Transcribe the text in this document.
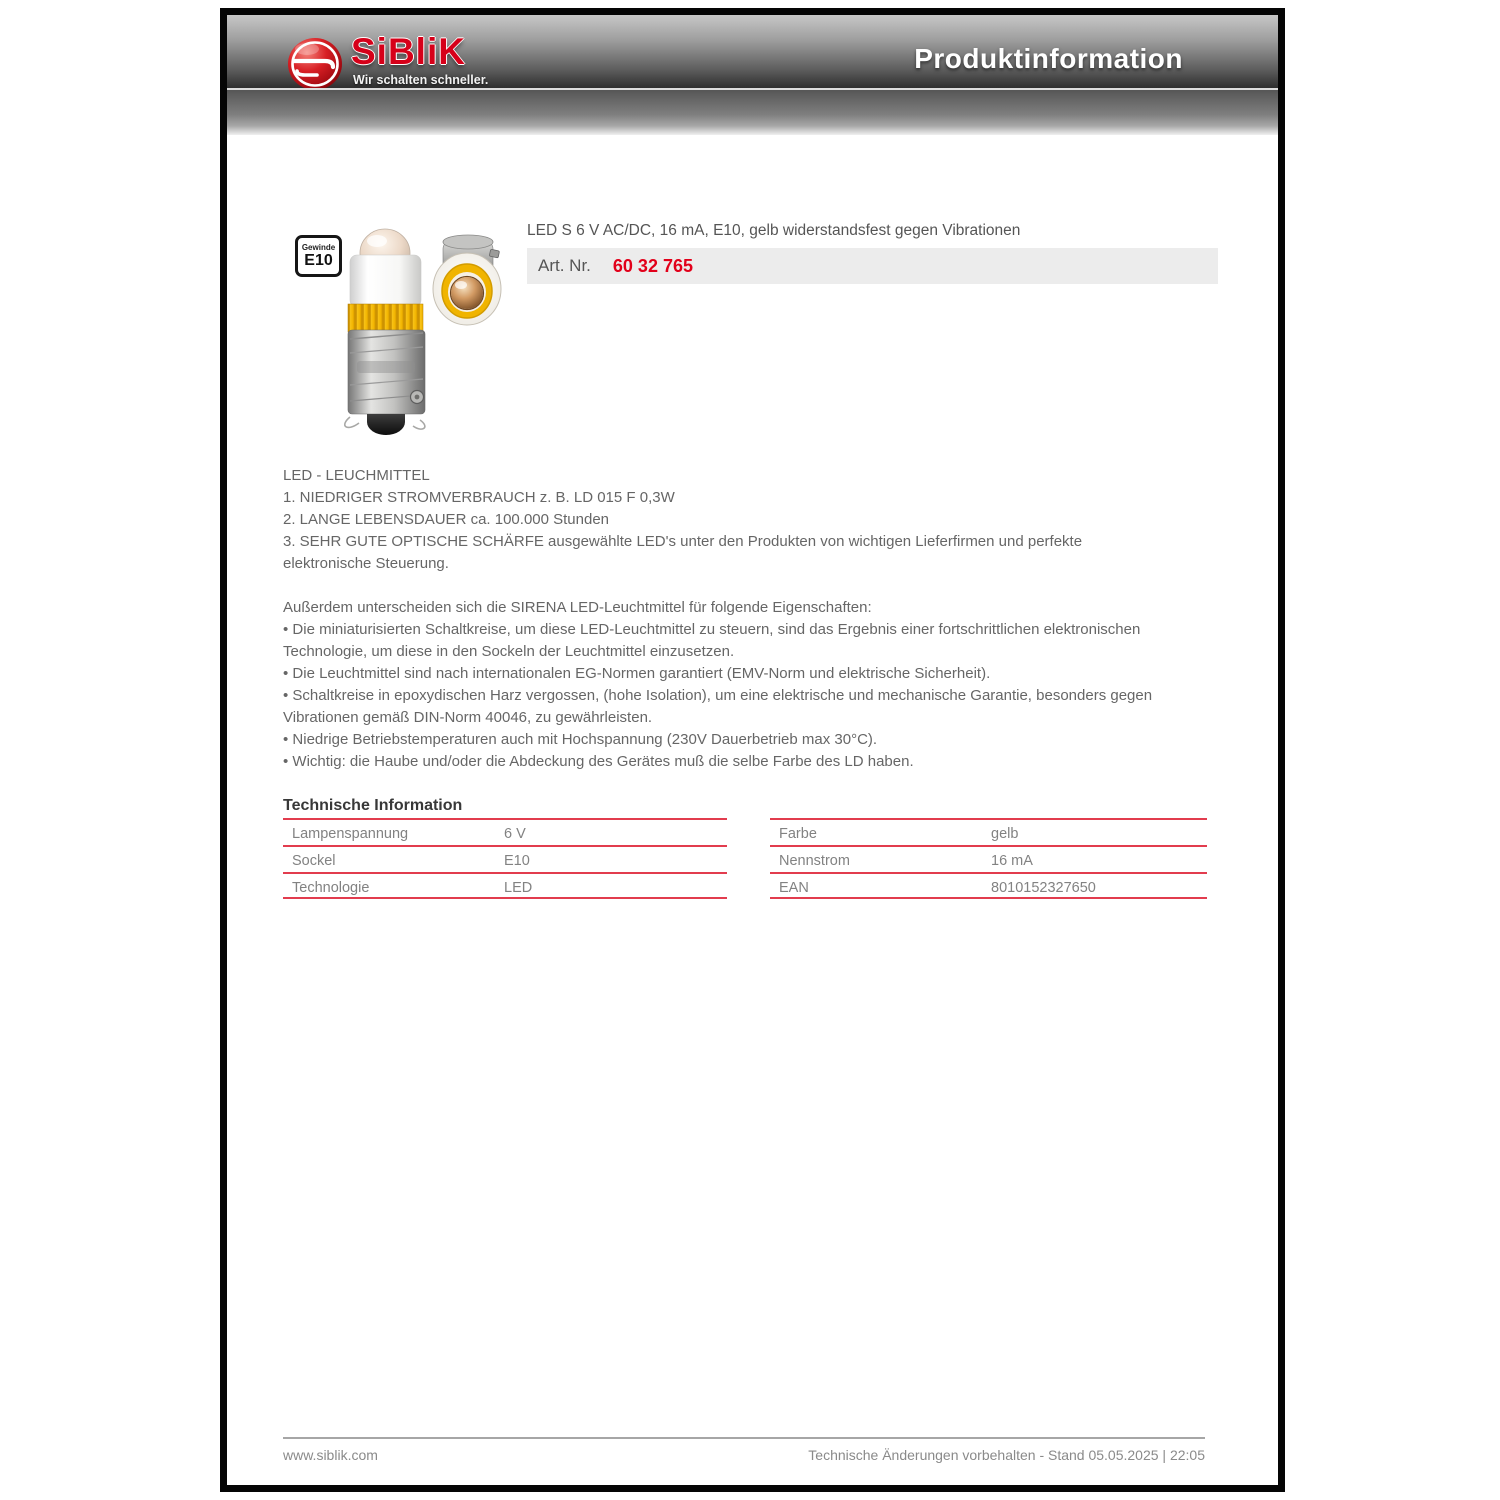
SiBliK
Wir schalten schneller.
Produktinformation
Gewinde
E10
LED S 6 V AC/DC, 16 mA, E10, gelb widerstandsfest gegen Vibrationen
Art. Nr. 60 32 765
LED - LEUCHMITTEL
1. NIEDRIGER STROMVERBRAUCH z. B. LD 015 F 0,3W
2. LANGE LEBENSDAUER ca. 100.000 Stunden
3. SEHR GUTE OPTISCHE SCHÄRFE ausgewählte LED's unter den Produkten von wichtigen Lieferfirmen und perfekte
elektronische Steuerung.
Außerdem unterscheiden sich die SIRENA LED-Leuchtmittel für folgende Eigenschaften:
• Die miniaturisierten Schaltkreise, um diese LED-Leuchtmittel zu steuern, sind das Ergebnis einer fortschrittlichen elektronischen
Technologie, um diese in den Sockeln der Leuchtmittel einzusetzen.
• Die Leuchtmittel sind nach internationalen EG-Normen garantiert (EMV-Norm und elektrische Sicherheit).
• Schaltkreise in epoxydischen Harz vergossen, (hohe Isolation), um eine elektrische und mechanische Garantie, besonders gegen
Vibrationen gemäß DIN-Norm 40046, zu gewährleisten.
• Niedrige Betriebstemperaturen auch mit Hochspannung (230V Dauerbetrieb max 30°C).
• Wichtig: die Haube und/oder die Abdeckung des Gerätes muß die selbe Farbe des LD haben.
Technische Information
Lampenspannung	6 V
Sockel	E10
Technologie	LED
Farbe	gelb
Nennstrom	16 mA
EAN	8010152327650
www.siblik.com	Technische Änderungen vorbehalten - Stand 05.05.2025 | 22:05
